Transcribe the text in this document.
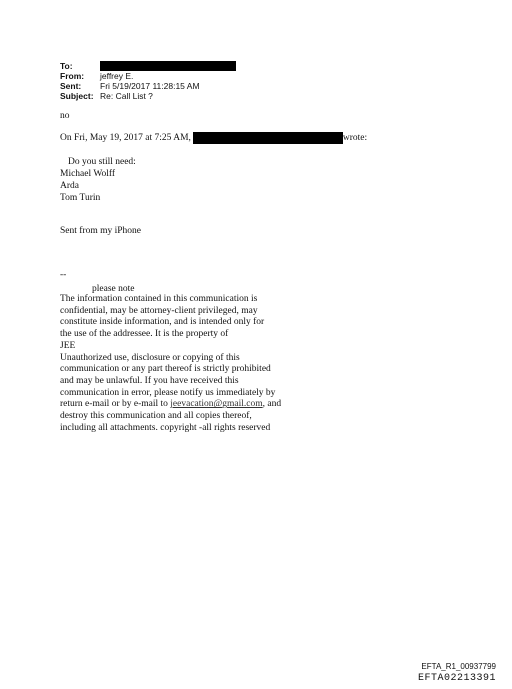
To:
From:	jeffrey E.
Sent:	Fri 5/19/2017 11:28:15 AM
Subject: Re: Call List ?
no
On Fri, May 19, 2017 at 7:25 AM,	wrote:
Do you still need:
Michael Wolff
Arda
Tom Turin
Sent from my iPhone
--
please note
The information contained in this communication is
confidential, may be attorney-client privileged, may
constitute inside information, and is intended only for
the use of the addressee. It is the property of
JEE
Unauthorized use, disclosure or copying of this
communication or any part thereof is strictly prohibited
and may be unlawful. If you have received this
communication in error, please notify us immediately by
return e-mail or by e-mail to jeevacation@gmail.com, and
destroy this communication and all copies thereof,
including all attachments. copyright -all rights reserved
EFTA_R1_00937799
EFTA02213391
